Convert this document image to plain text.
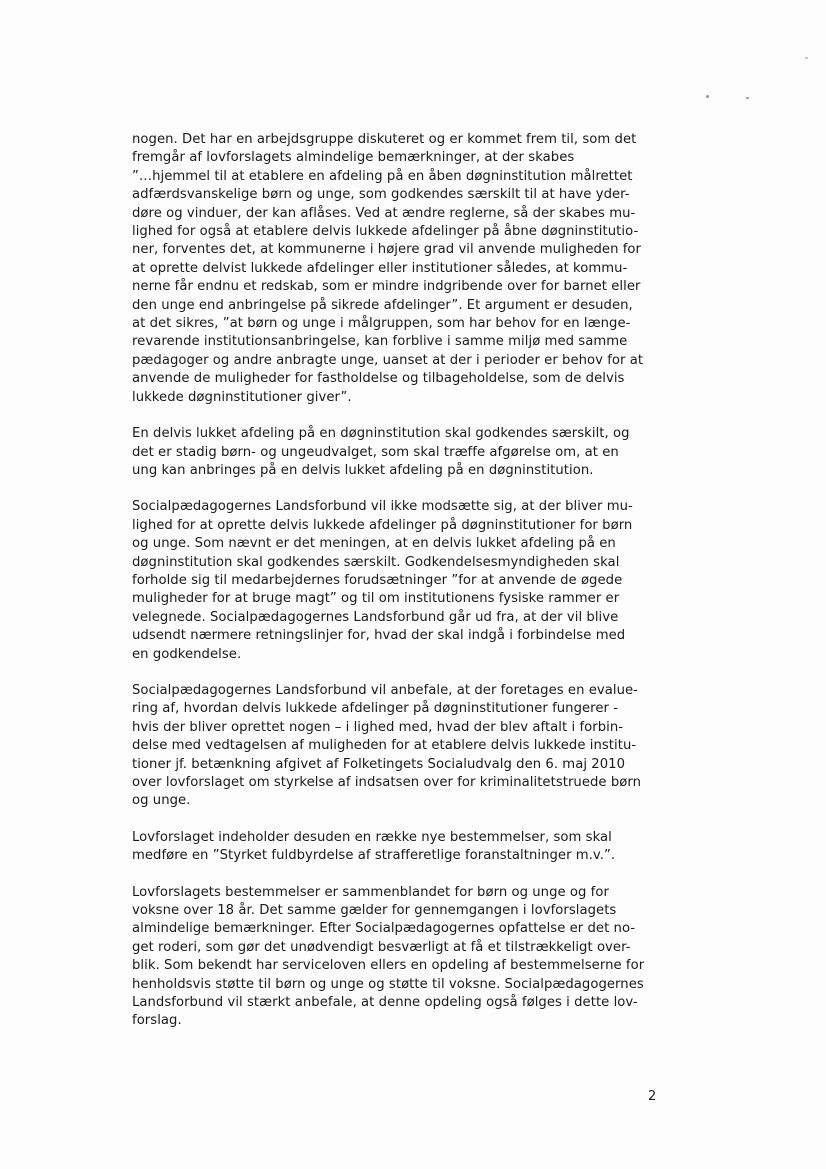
nogen. Det har en arbejdsgruppe diskuteret og er kommet frem til, som det
fremgår af lovforslagets almindelige bemærkninger, at der skabes
”…hjemmel til at etablere en afdeling på en åben døgninstitution målrettet
adfærdsvanskelige børn og unge, som godkendes særskilt til at have yder-
døre og vinduer, der kan aflåses. Ved at ændre reglerne, så der skabes mu-
lighed for også at etablere delvis lukkede afdelinger på åbne døgninstitutio-
ner, forventes det, at kommunerne i højere grad vil anvende muligheden for
at oprette delvist lukkede afdelinger eller institutioner således, at kommu-
nerne får endnu et redskab, som er mindre indgribende over for barnet eller
den unge end anbringelse på sikrede afdelinger”. Et argument er desuden,
at det sikres, ”at børn og unge i målgruppen, som har behov for en længe-
revarende institutionsanbringelse, kan forblive i samme miljø med samme
pædagoger og andre anbragte unge, uanset at der i perioder er behov for at
anvende de muligheder for fastholdelse og tilbageholdelse, som de delvis
lukkede døgninstitutioner giver”.

En delvis lukket afdeling på en døgninstitution skal godkendes særskilt, og
det er stadig børn- og ungeudvalget, som skal træffe afgørelse om, at en
ung kan anbringes på en delvis lukket afdeling på en døgninstitution.

Socialpædagogernes Landsforbund vil ikke modsætte sig, at der bliver mu-
lighed for at oprette delvis lukkede afdelinger på døgninstitutioner for børn
og unge. Som nævnt er det meningen, at en delvis lukket afdeling på en
døgninstitution skal godkendes særskilt. Godkendelsesmyndigheden skal
forholde sig til medarbejdernes forudsætninger ”for at anvende de øgede
muligheder for at bruge magt” og til om institutionens fysiske rammer er
velegnede. Socialpædagogernes Landsforbund går ud fra, at der vil blive
udsendt nærmere retningslinjer for, hvad der skal indgå i forbindelse med
en godkendelse.

Socialpædagogernes Landsforbund vil anbefale, at der foretages en evalue-
ring af, hvordan delvis lukkede afdelinger på døgninstitutioner fungerer -
hvis der bliver oprettet nogen – i lighed med, hvad der blev aftalt i forbin-
delse med vedtagelsen af muligheden for at etablere delvis lukkede institu-
tioner jf. betænkning afgivet af Folketingets Socialudvalg den 6. maj 2010
over lovforslaget om styrkelse af indsatsen over for kriminalitetstruede børn
og unge.

Lovforslaget indeholder desuden en række nye bestemmelser, som skal
medføre en ”Styrket fuldbyrdelse af strafferetlige foranstaltninger m.v.”.

Lovforslagets bestemmelser er sammenblandet for børn og unge og for
voksne over 18 år. Det samme gælder for gennemgangen i lovforslagets
almindelige bemærkninger. Efter Socialpædagogernes opfattelse er det no-
get roderi, som gør det unødvendigt besværligt at få et tilstrækkeligt over-
blik. Som bekendt har serviceloven ellers en opdeling af bestemmelserne for
henholdsvis støtte til børn og unge og støtte til voksne. Socialpædagogernes
Landsforbund vil stærkt anbefale, at denne opdeling også følges i dette lov-
forslag.

2
